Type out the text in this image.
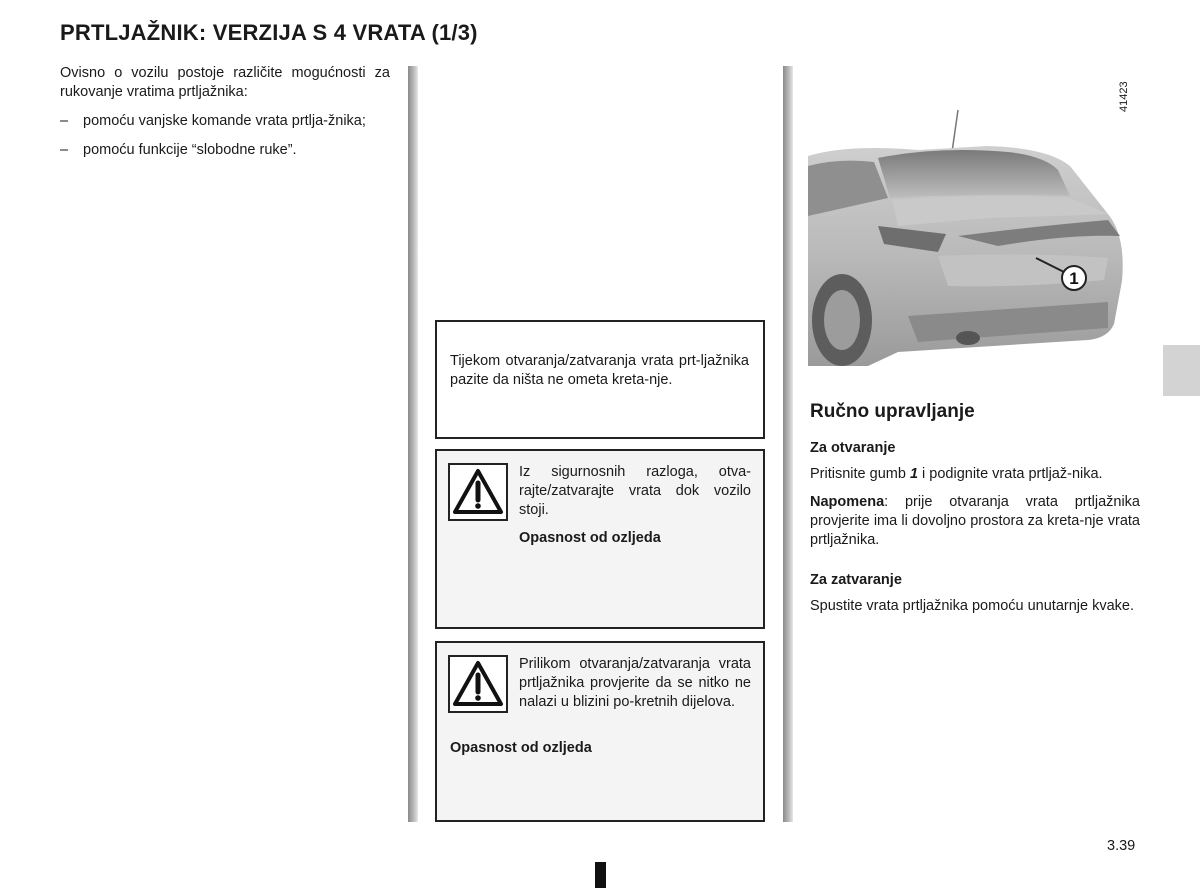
PRTLJAŽNIK: VERZIJA S 4 VRATA (1/3)

Ovisno o vozilu postoje različite mogućnosti za rukovanje vratima prtljažnika:

– pomoću vanjske komande vrata prtlja-žnika;
– pomoću funkcije “slobodne ruke”.
Tijekom otvaranja/zatvaranja vrata prt-ljažnika pazite da ništa ne ometa kreta-nje.
Iz sigurnosnih razloga, otva-rajte/zatvarajte vrata dok vozilo stoji.
Opasnost od ozljeda
Prilikom otvaranja/zatvaranja vrata prtljažnika provjerite da se nitko ne nalazi u blizini po-kretnih dijelova.
Opasnost od ozljeda
1
41423
Ručno upravljanje
Za otvaranje

Pritisnite gumb 1 i podignite vrata prtljaž-nika.

Napomena: prije otvaranja vrata prtljažnika provjerite ima li dovoljno prostora za kreta-nje vrata prtljažnika.

Za zatvaranje

Spustite vrata prtljažnika pomoću unutarnje kvake.

3.39
